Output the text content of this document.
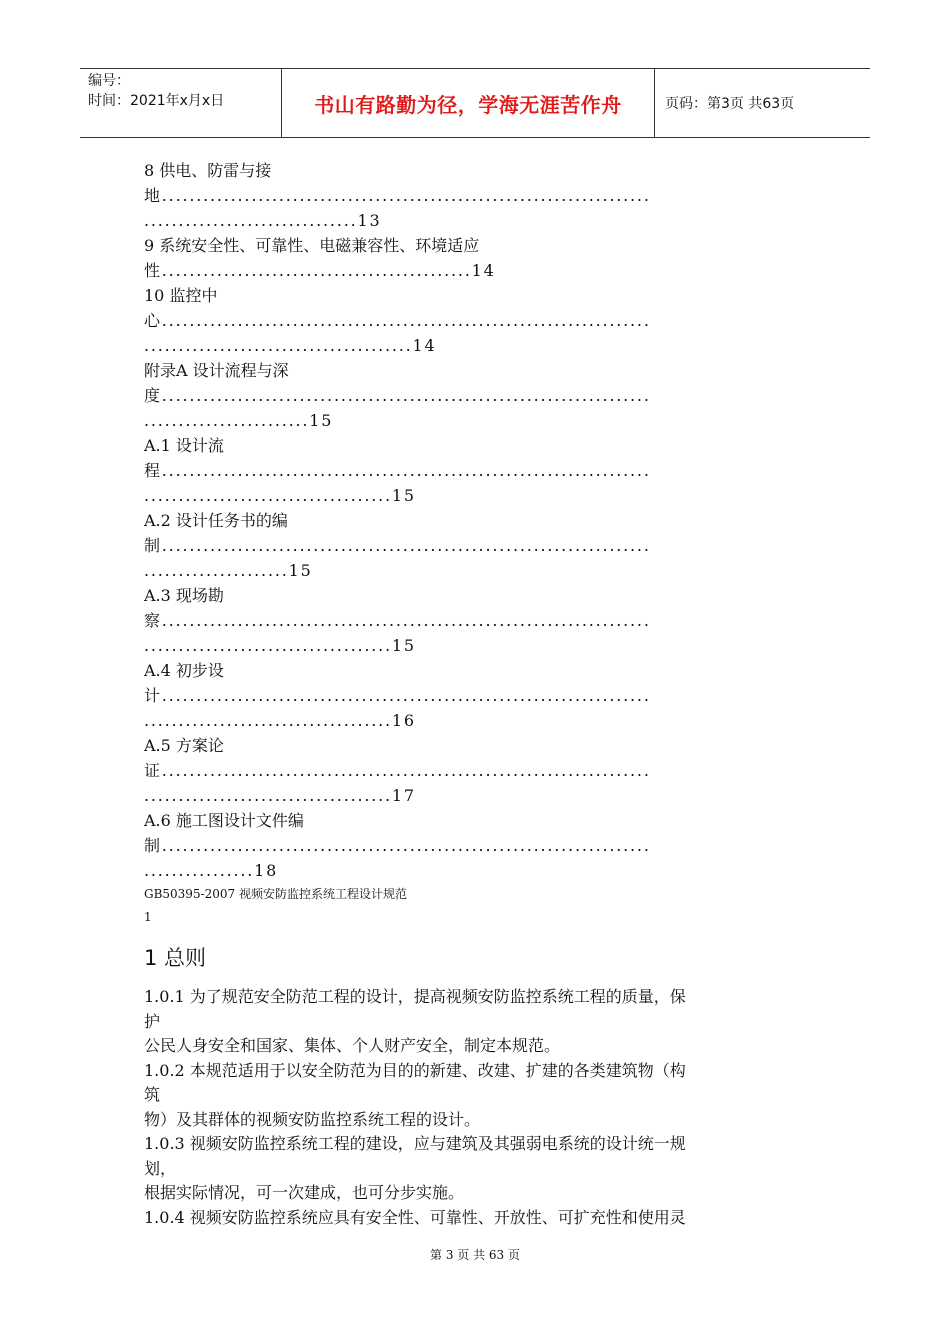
编号：
时间：2021年x月x日	书山有路勤为径，学海无涯苦作舟	页码：第3页 共63页
8 供电、防雷与接
地.......................................................................
...............................13
9 系统安全性、可靠性、电磁兼容性、环境适应
性.............................................14
10 监控中
心.......................................................................
.......................................14
附录A 设计流程与深
度.......................................................................
........................15
A.1 设计流
程.......................................................................
....................................15
A.2 设计任务书的编
制.......................................................................
.....................15
A.3 现场勘
察.......................................................................
....................................15
A.4 初步设
计.......................................................................
....................................16
A.5 方案论
证.......................................................................
....................................17
A.6 施工图设计文件编
制.......................................................................
................18
GB50395-2007 视频安防监控系统工程设计规范
1
1 总则
1.0.1 为了规范安全防范工程的设计，提高视频安防监控系统工程的质量，保
护
公民人身安全和国家、集体、个人财产安全，制定本规范。
1.0.2 本规范适用于以安全防范为目的的新建、改建、扩建的各类建筑物（构
筑
物）及其群体的视频安防监控系统工程的设计。
1.0.3 视频安防监控系统工程的建设，应与建筑及其强弱电系统的设计统一规
划，
根据实际情况，可一次建成，也可分步实施。
1.0.4 视频安防监控系统应具有安全性、可靠性、开放性、可扩充性和使用灵
第 3 页 共 63 页
